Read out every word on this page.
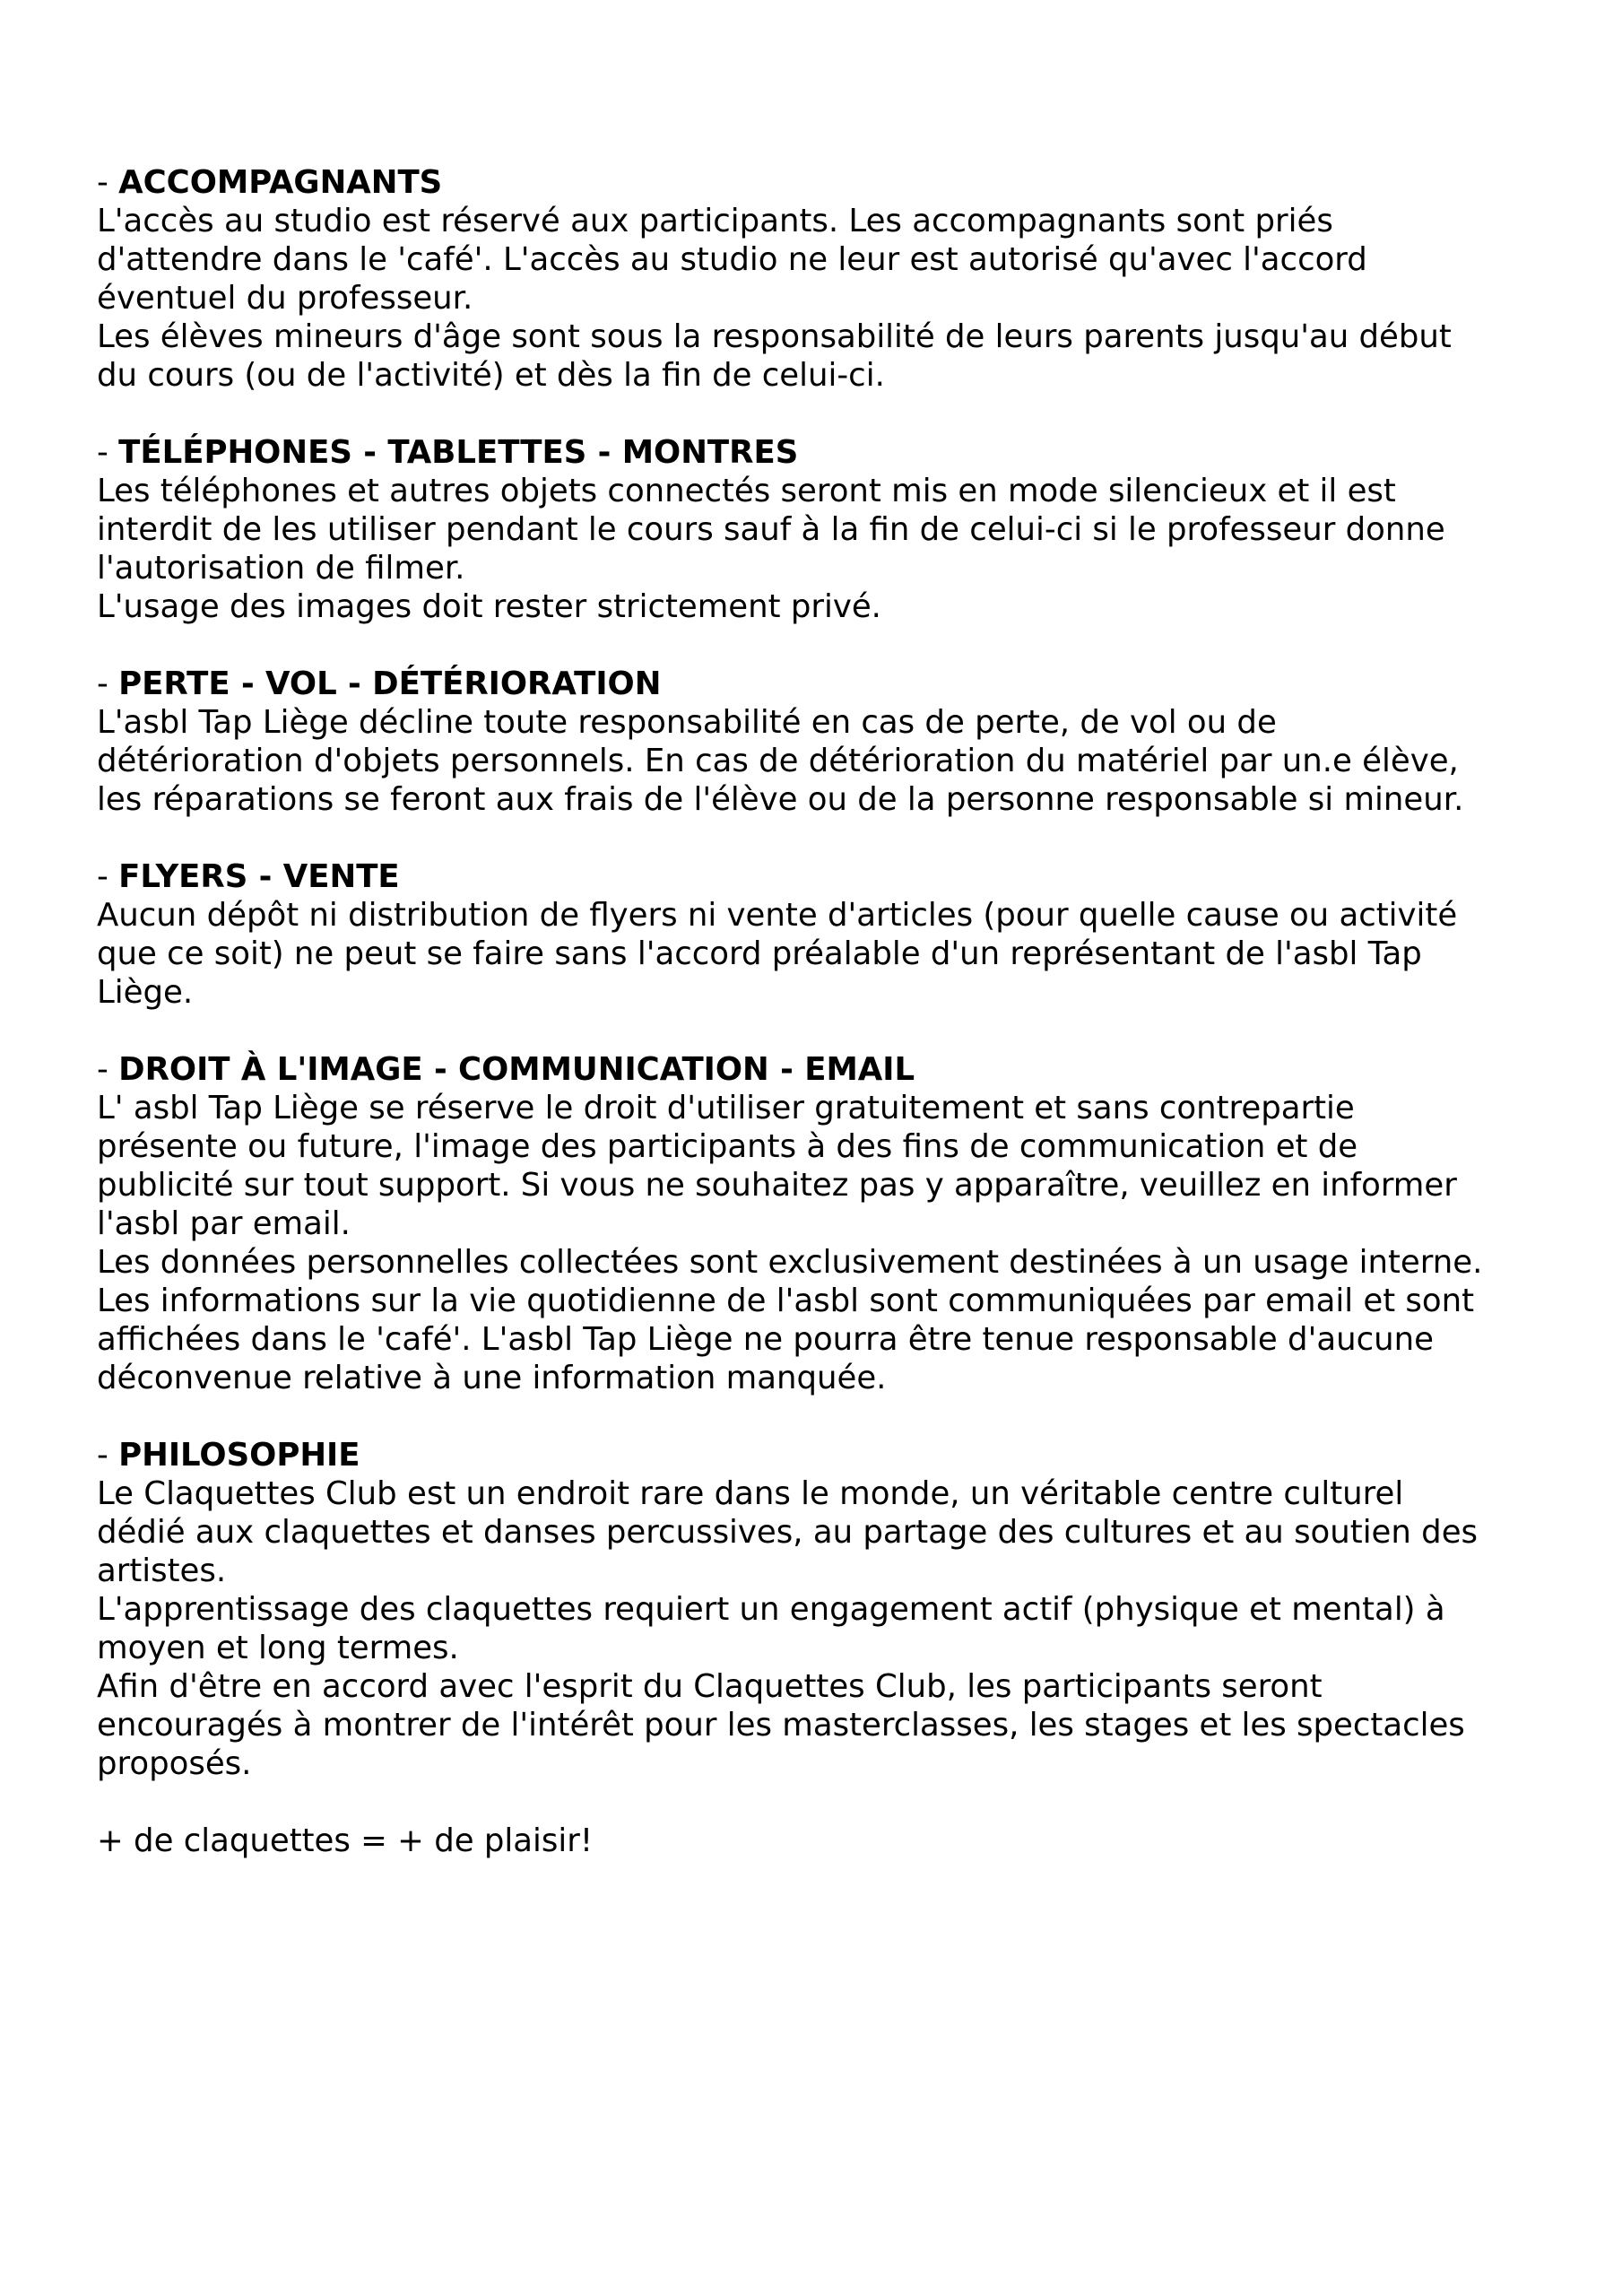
- ACCOMPAGNANTS
L'accès au studio est réservé aux participants. Les accompagnants sont priés
d'attendre dans le 'café'. L'accès au studio ne leur est autorisé qu'avec l'accord
éventuel du professeur.
Les élèves mineurs d'âge sont sous la responsabilité de leurs parents jusqu'au début
du cours (ou de l'activité) et dès la fin de celui-ci.
- TÉLÉPHONES - TABLETTES - MONTRES
Les téléphones et autres objets connectés seront mis en mode silencieux et il est
interdit de les utiliser pendant le cours sauf à la fin de celui-ci si le professeur donne
l'autorisation de filmer.
L'usage des images doit rester strictement privé.
- PERTE - VOL - DÉTÉRIORATION
L'asbl Tap Liège décline toute responsabilité en cas de perte, de vol ou de
détérioration d'objets personnels. En cas de détérioration du matériel par un.e élève,
les réparations se feront aux frais de l'élève ou de la personne responsable si mineur.
- FLYERS - VENTE
Aucun dépôt ni distribution de flyers ni vente d'articles (pour quelle cause ou activité
que ce soit) ne peut se faire sans l'accord préalable d'un représentant de l'asbl Tap
Liège.
- DROIT À L'IMAGE - COMMUNICATION - EMAIL
L' asbl Tap Liège se réserve le droit d'utiliser gratuitement et sans contrepartie
présente ou future, l'image des participants à des fins de communication et de
publicité sur tout support. Si vous ne souhaitez pas y apparaître, veuillez en informer
l'asbl par email.
Les données personnelles collectées sont exclusivement destinées à un usage interne.
Les informations sur la vie quotidienne de l'asbl sont communiquées par email et sont
affichées dans le 'café'. L'asbl Tap Liège ne pourra être tenue responsable d'aucune
déconvenue relative à une information manquée.
- PHILOSOPHIE
Le Claquettes Club est un endroit rare dans le monde, un véritable centre culturel
dédié aux claquettes et danses percussives, au partage des cultures et au soutien des
artistes.
L'apprentissage des claquettes requiert un engagement actif (physique et mental) à
moyen et long termes.
Afin d'être en accord avec l'esprit du Claquettes Club, les participants seront
encouragés à montrer de l'intérêt pour les masterclasses, les stages et les spectacles
proposés.
+ de claquettes = + de plaisir!
